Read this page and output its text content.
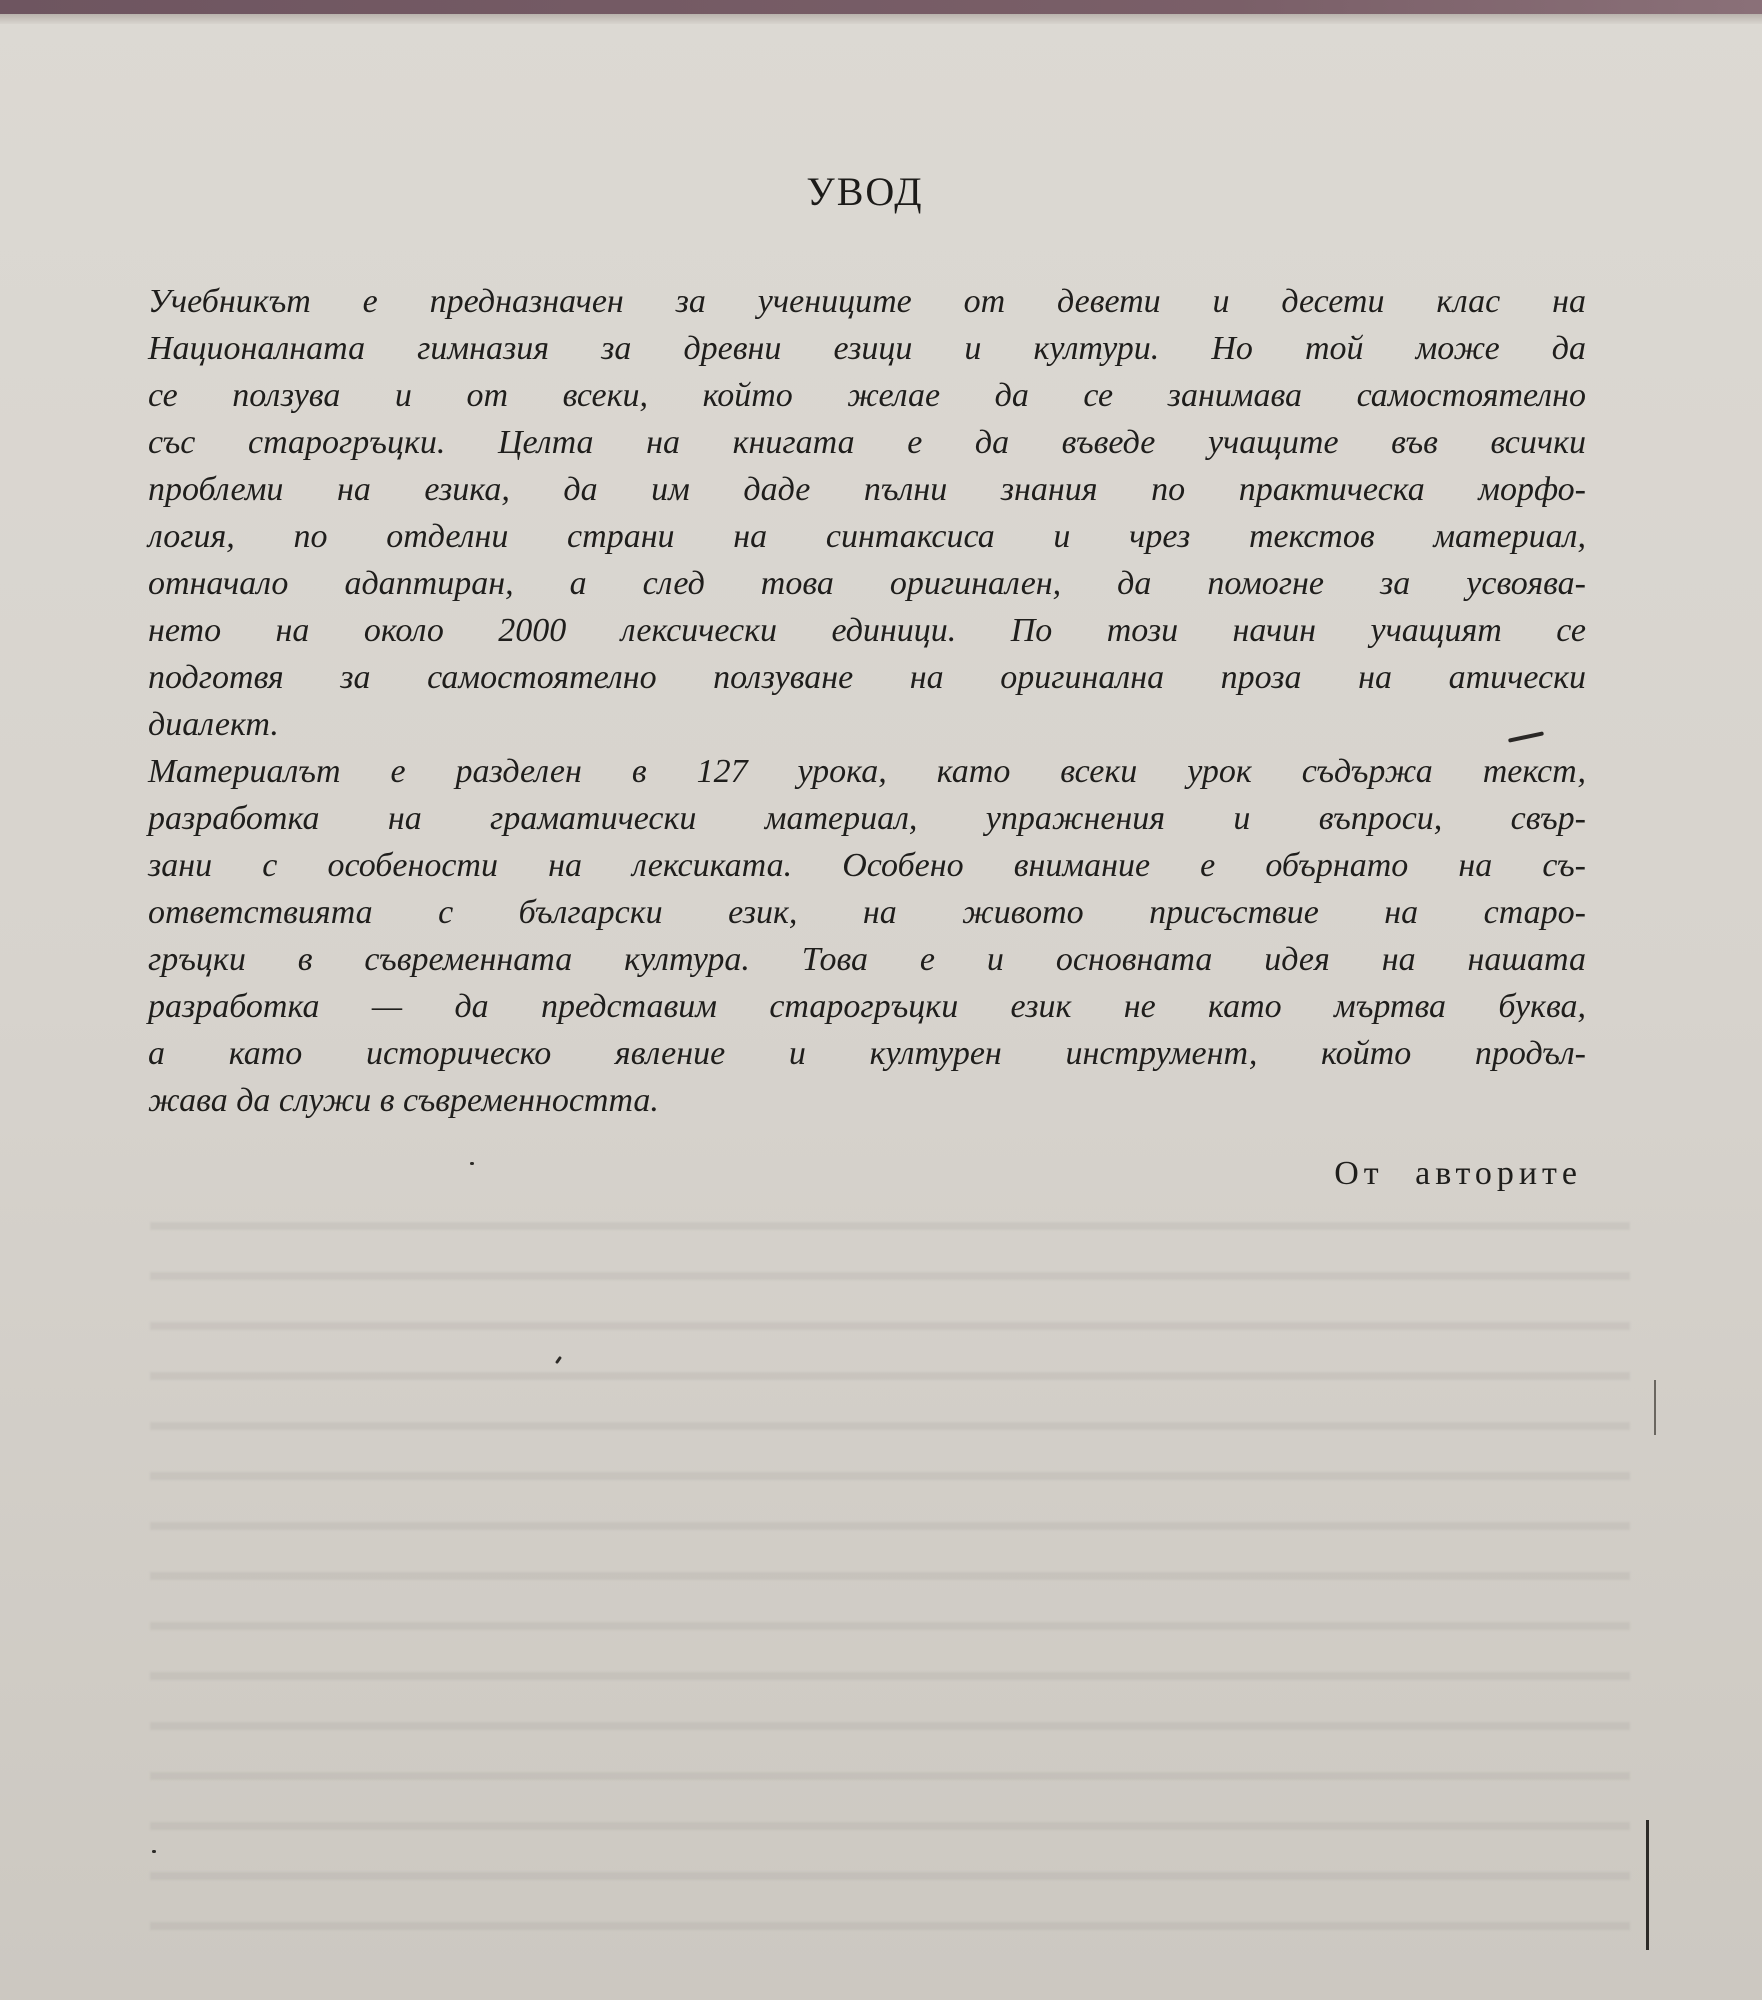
УВОД
Учебникът е предназначен за учениците от девети и десети клас на
Националната гимназия за древни езици и култури. Но той може да
се ползува и от всеки, който желае да се занимава самостоятелно
със старогръцки. Целта на книгата е да въведе учащите във всички
проблеми на езика, да им даде пълни знания по практическа морфо-
логия, по отделни страни на синтаксиса и чрез текстов материал,
отначало адаптиран, а след това оригинален, да помогне за усвоява-
нето на около 2000 лексически единици. По този начин учащият се
подготвя за самостоятелно ползуване на оригинална проза на атически
диалект.
Материалът е разделен в 127 урока, като всеки урок съдържа текст,
разработка на граматически материал, упражнения и въпроси, свър-
зани с особености на лексиката. Особено внимание е обърнато на съ-
ответствията с български език, на живото присъствие на старо-
гръцки в съвременната култура. Това е и основната идея на нашата
разработка — да представим старогръцки език не като мъртва буква,
а като историческо явление и културен инструмент, който продъл-
жава да служи в съвременността.
От авторите
